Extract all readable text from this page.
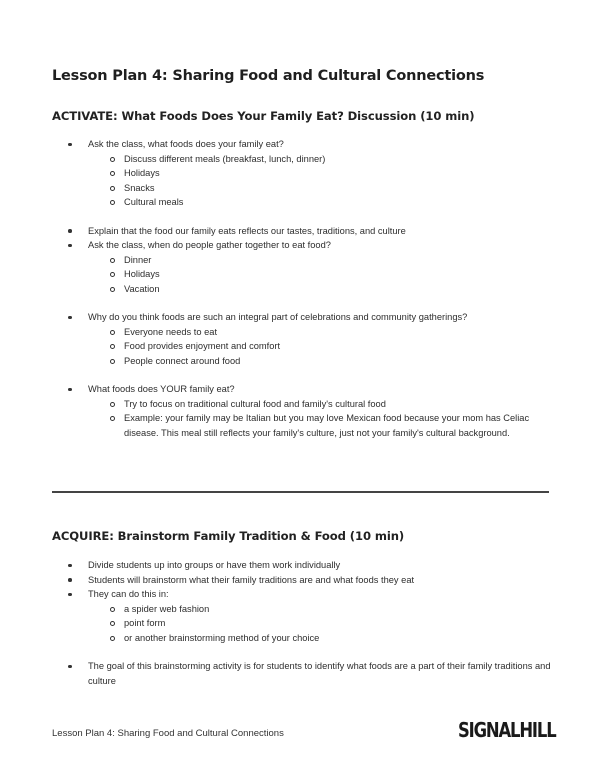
Lesson Plan 4: Sharing Food and Cultural Connections
ACTIVATE: What Foods Does Your Family Eat? Discussion (10 min)
Ask the class, what foods does your family eat?
Discuss different meals (breakfast, lunch, dinner)
Holidays
Snacks
Cultural meals
Explain that the food our family eats reflects our tastes, traditions, and culture
Ask the class, when do people gather together to eat food?
Dinner
Holidays
Vacation
Why do you think foods are such an integral part of celebrations and community gatherings?
Everyone needs to eat
Food provides enjoyment and comfort
People connect around food
What foods does YOUR family eat?
Try to focus on traditional cultural food and family's cultural food
Example: your family may be Italian but you may love Mexican food because your mom has Celiac disease. This meal still reflects your family's culture, just not your family's cultural background.
ACQUIRE: Brainstorm Family Tradition & Food (10 min)
Divide students up into groups or have them work individually
Students will brainstorm what their family traditions are and what foods they eat
They can do this in:
a spider web fashion
point form
or another brainstorming method of your choice
The goal of this brainstorming activity is for students to identify what foods are a part of their family traditions and culture
Lesson Plan 4: Sharing Food and Cultural Connections	SIGNALHILL
